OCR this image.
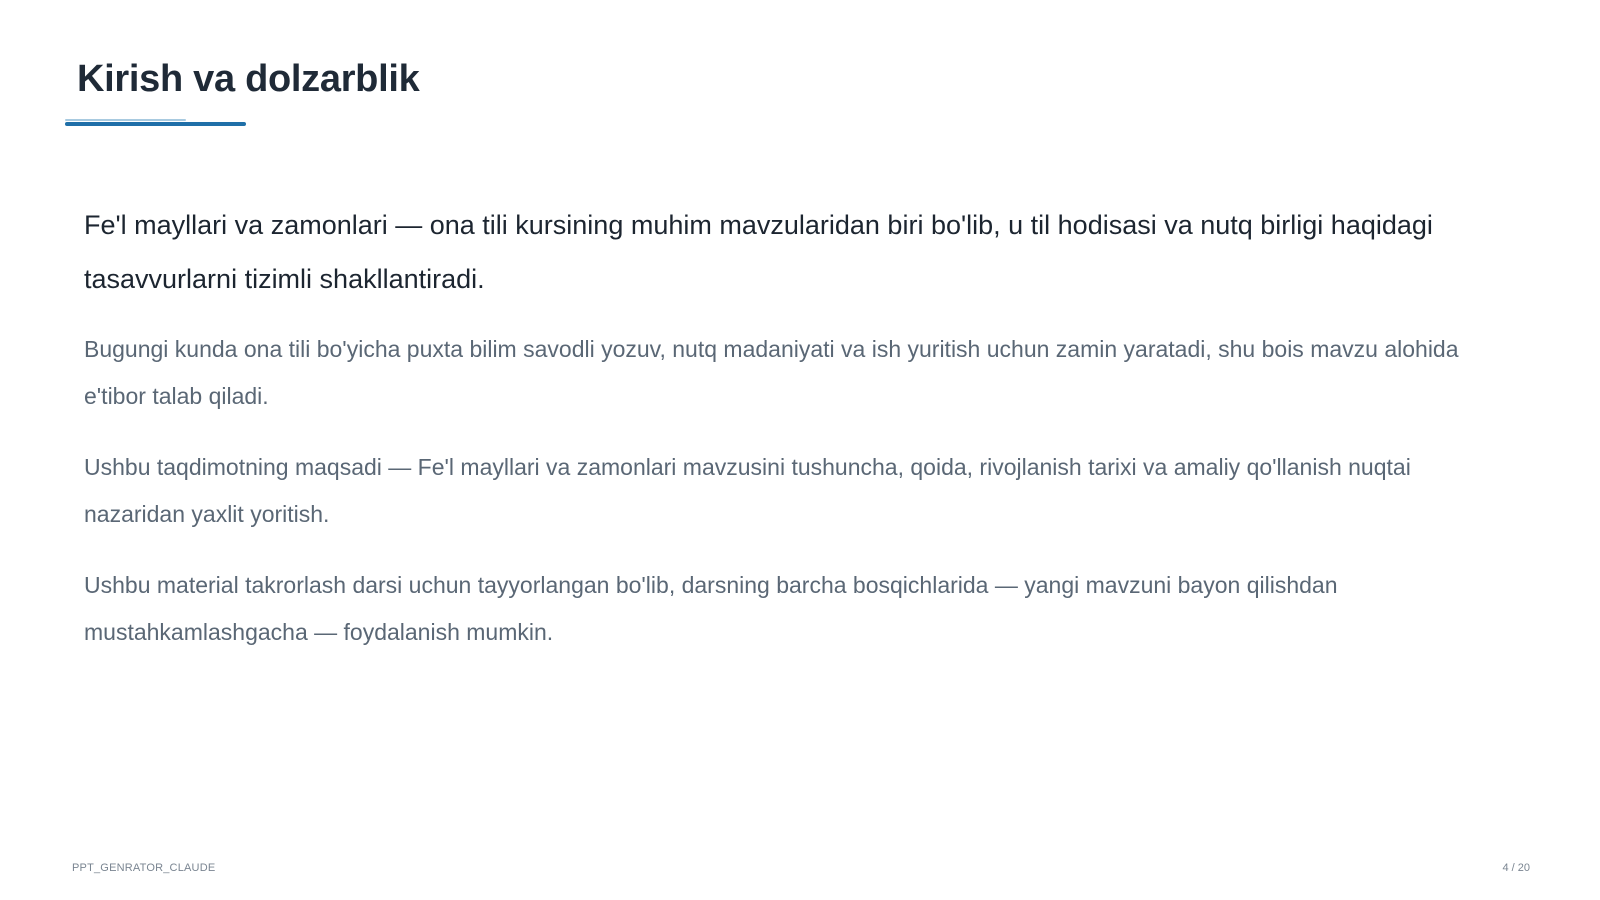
Kirish va dolzarblik

Fe'l mayllari va zamonlari — ona tili kursining muhim mavzularidan biri bo'lib, u til hodisasi va nutq birligi haqidagi tasavvurlarni tizimli shakllantiradi.

Bugungi kunda ona tili bo'yicha puxta bilim savodli yozuv, nutq madaniyati va ish yuritish uchun zamin yaratadi, shu bois mavzu alohida e'tibor talab qiladi.

Ushbu taqdimotning maqsadi — Fe'l mayllari va zamonlari mavzusini tushuncha, qoida, rivojlanish tarixi va amaliy qo'llanish nuqtai nazaridan yaxlit yoritish.

Ushbu material takrorlash darsi uchun tayyorlangan bo'lib, darsning barcha bosqichlarida — yangi mavzuni bayon qilishdan mustahkamlashgacha — foydalanish mumkin.

PPT_GENRATOR_CLAUDE	4 / 20
